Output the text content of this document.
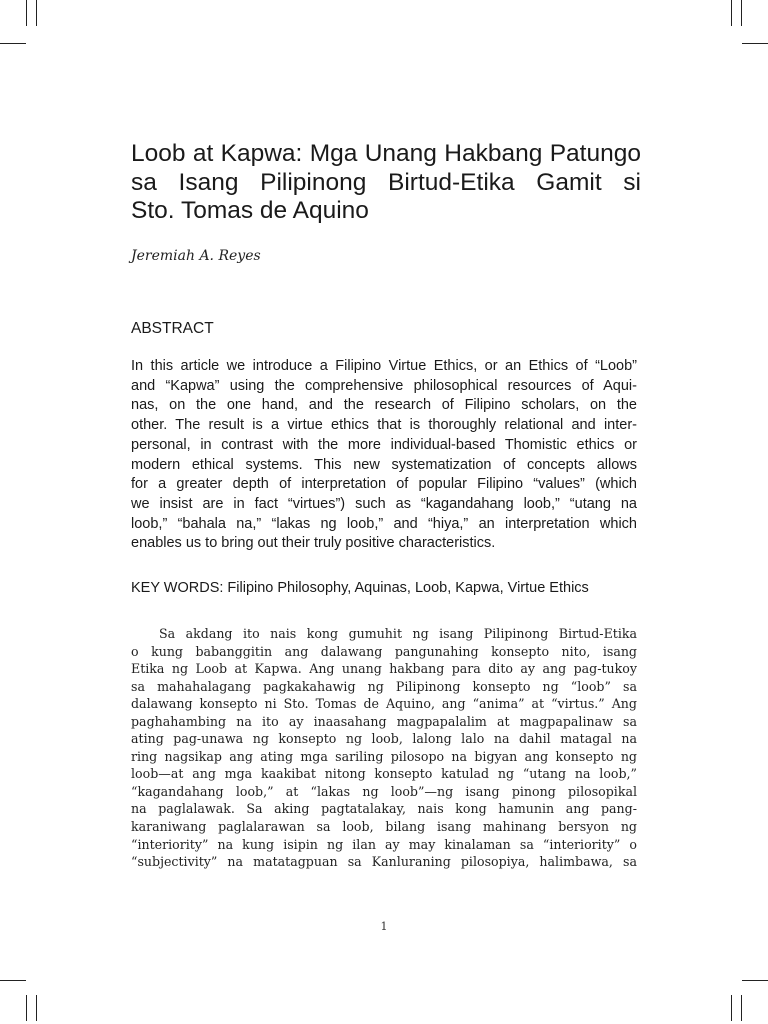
Loob at Kapwa: Mga Unang Hakbang Patungo
sa Isang Pilipinong Birtud-Etika Gamit si
Sto. Tomas de Aquino
Jeremiah A. Reyes
ABSTRACT
In this article we introduce a Filipino Virtue Ethics, or an Ethics of “Loob”
and “Kapwa” using the comprehensive philosophical resources of Aqui-
nas, on the one hand, and the research of Filipino scholars, on the
other. The result is a virtue ethics that is thoroughly relational and inter-
personal, in contrast with the more individual-based Thomistic ethics or
modern ethical systems. This new systematization of concepts allows
for a greater depth of interpretation of popular Filipino “values” (which
we insist are in fact “virtues”) such as “kagandahang loob,” “utang na
loob,” “bahala na,” “lakas ng loob,” and “hiya,” an interpretation which
enables us to bring out their truly positive characteristics.
KEY WORDS: Filipino Philosophy, Aquinas, Loob, Kapwa, Virtue Ethics
Sa akdang ito nais kong gumuhit ng isang Pilipinong Birtud-Etika
o kung babanggitin ang dalawang pangunahing konsepto nito, isang
Etika ng Loob at Kapwa. Ang unang hakbang para dito ay ang pag-tukoy
sa mahahalagang pagkakahawig ng Pilipinong konsepto ng “loob” sa
dalawang konsepto ni Sto. Tomas de Aquino, ang “anima” at “virtus.” Ang
paghahambing na ito ay inaasahang magpapalalim at magpapalinaw sa
ating pag-unawa ng konsepto ng loob, lalong lalo na dahil matagal na
ring nagsikap ang ating mga sariling pilosopo na bigyan ang konsepto ng
loob—at ang mga kaakibat nitong konsepto katulad ng “utang na loob,”
“kagandahang loob,” at “lakas ng loob”—ng isang pinong pilosopikal
na paglalawak. Sa aking pagtatalakay, nais kong hamunin ang pang-
karaniwang paglalarawan sa loob, bilang isang mahinang bersyon ng
“interiority” na kung isipin ng ilan ay may kinalaman sa “interiority” o
“subjectivity” na matatagpuan sa Kanluraning pilosopiya, halimbawa, sa
1
